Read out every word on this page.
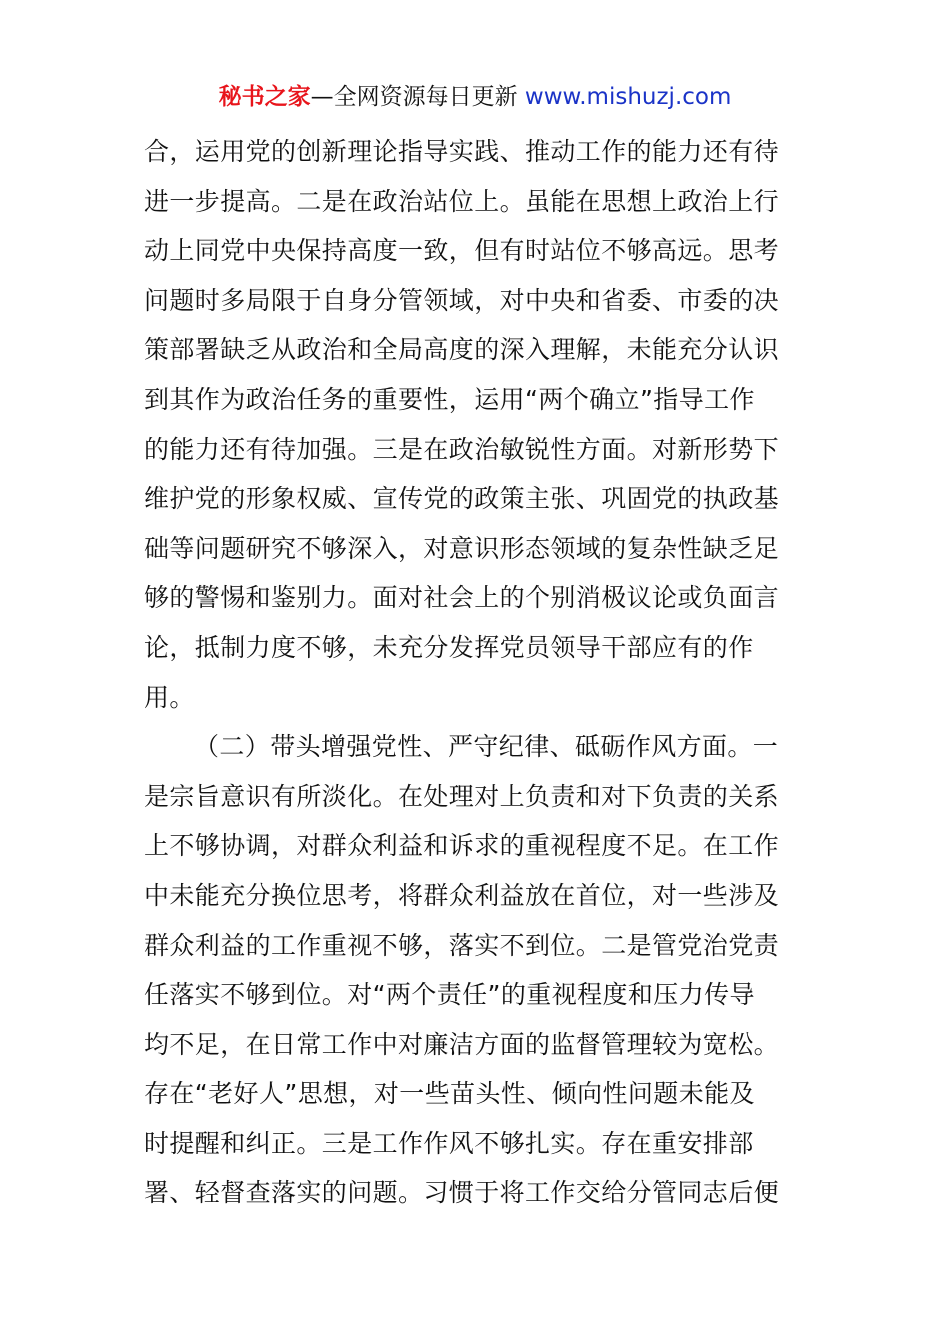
秘书之家—全网资源每日更新 www.mishuzj.com
合，运用党的创新理论指导实践、推动工作的能力还有待
进一步提高。二是在政治站位上。虽能在思想上政治上行
动上同党中央保持高度一致，但有时站位不够高远。思考
问题时多局限于自身分管领域，对中央和省委、市委的决
策部署缺乏从政治和全局高度的深入理解，未能充分认识
到其作为政治任务的重要性，运用“两个确立”指导工作
的能力还有待加强。三是在政治敏锐性方面。对新形势下
维护党的形象权威、宣传党的政策主张、巩固党的执政基
础等问题研究不够深入，对意识形态领域的复杂性缺乏足
够的警惕和鉴别力。面对社会上的个别消极议论或负面言
论，抵制力度不够，未充分发挥党员领导干部应有的作
用。
（二）带头增强党性、严守纪律、砥砺作风方面。一
是宗旨意识有所淡化。在处理对上负责和对下负责的关系
上不够协调，对群众利益和诉求的重视程度不足。在工作
中未能充分换位思考，将群众利益放在首位，对一些涉及
群众利益的工作重视不够，落实不到位。二是管党治党责
任落实不够到位。对“两个责任”的重视程度和压力传导
均不足，在日常工作中对廉洁方面的监督管理较为宽松。
存在“老好人”思想，对一些苗头性、倾向性问题未能及
时提醒和纠正。三是工作作风不够扎实。存在重安排部
署、轻督查落实的问题。习惯于将工作交给分管同志后便
